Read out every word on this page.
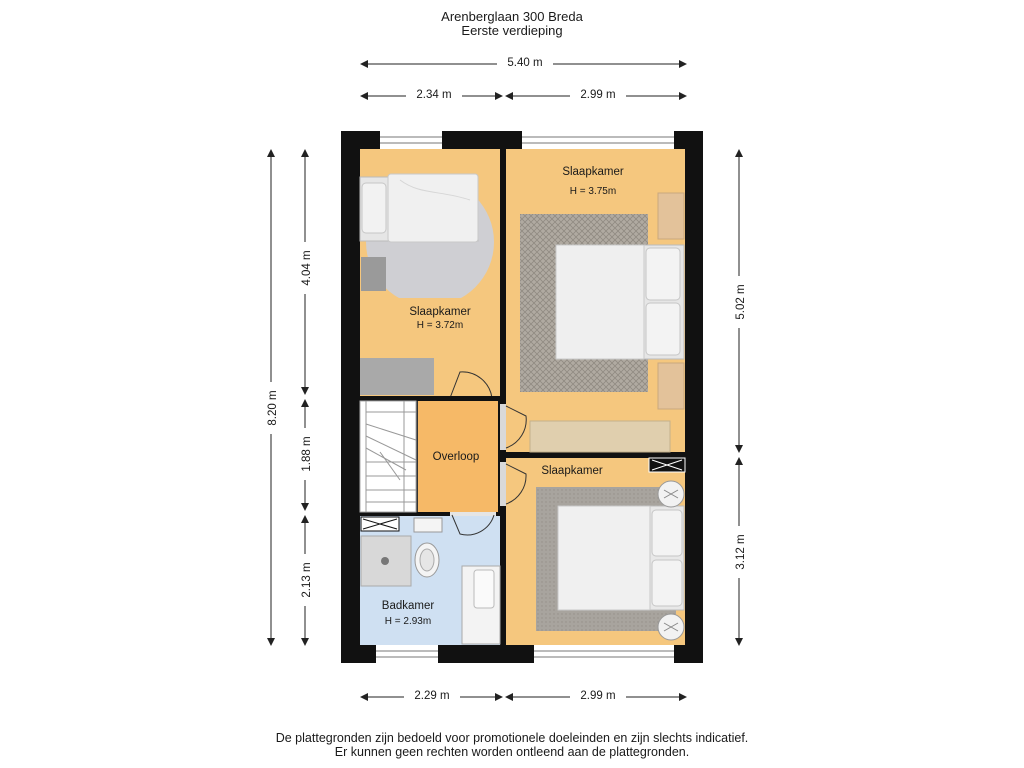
Arenberglaan 300 Breda
Eerste verdieping
5.40 m
2.34 m	2.99 m
2.29 m	2.99 m
8.20 m
4.04 m
1.88 m
2.13 m
5.02 m
3.12 m
Slaapkamer
H = 3.72m
Slaapkamer
H = 3.75m
Overloop
Slaapkamer
Badkamer
H = 2.93m
De plattegronden zijn bedoeld voor promotionele doeleinden en zijn slechts indicatief.
Er kunnen geen rechten worden ontleend aan de plattegronden.
